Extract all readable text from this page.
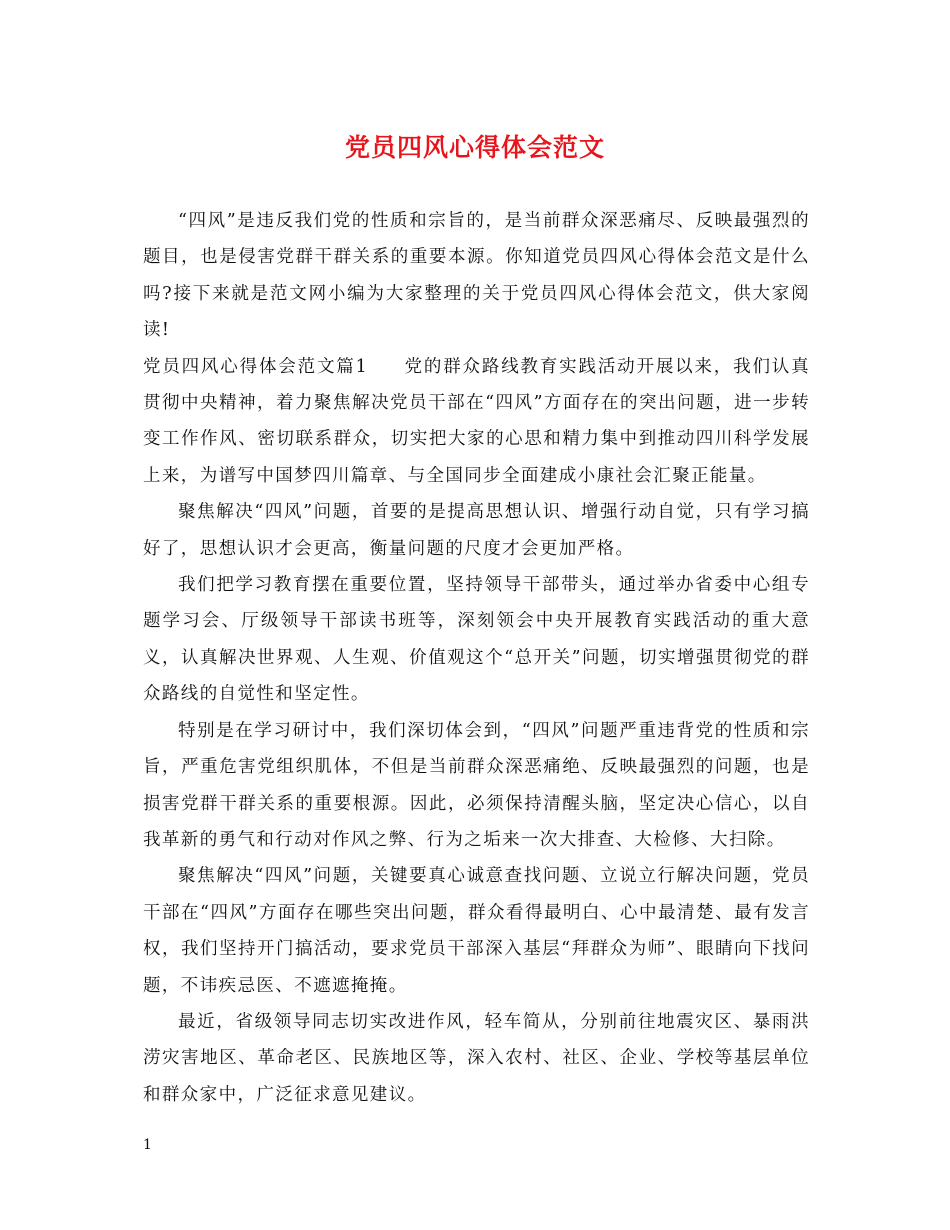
党员四风心得体会范文

“四风”是违反我们党的性质和宗旨的，是当前群众深恶痛尽、反映最强烈的题目，也是侵害党群干群关系的重要本源。你知道党员四风心得体会范文是什么吗?接下来就是范文网小编为大家整理的关于党员四风心得体会范文，供大家阅读!

党员四风心得体会范文篇1 党的群众路线教育实践活动开展以来，我们认真贯彻中央精神，着力聚焦解决党员干部在“四风”方面存在的突出问题，进一步转变工作作风、密切联系群众，切实把大家的心思和精力集中到推动四川科学发展上来，为谱写中国梦四川篇章、与全国同步全面建成小康社会汇聚正能量。

聚焦解决“四风”问题，首要的是提高思想认识、增强行动自觉，只有学习搞好了，思想认识才会更高，衡量问题的尺度才会更加严格。

我们把学习教育摆在重要位置，坚持领导干部带头，通过举办省委中心组专题学习会、厅级领导干部读书班等，深刻领会中央开展教育实践活动的重大意义，认真解决世界观、人生观、价值观这个“总开关”问题，切实增强贯彻党的群众路线的自觉性和坚定性。

特别是在学习研讨中，我们深切体会到，“四风”问题严重违背党的性质和宗旨，严重危害党组织肌体，不但是当前群众深恶痛绝、反映最强烈的问题，也是损害党群干群关系的重要根源。因此，必须保持清醒头脑，坚定决心信心，以自我革新的勇气和行动对作风之弊、行为之垢来一次大排查、大检修、大扫除。

聚焦解决“四风”问题，关键要真心诚意查找问题、立说立行解决问题，党员干部在“四风”方面存在哪些突出问题，群众看得最明白、心中最清楚、最有发言权，我们坚持开门搞活动，要求党员干部深入基层“拜群众为师”、眼睛向下找问题，不讳疾忌医、不遮遮掩掩。

最近，省级领导同志切实改进作风，轻车简从，分别前往地震灾区、暴雨洪涝灾害地区、革命老区、民族地区等，深入农村、社区、企业、学校等基层单位和群众家中，广泛征求意见建议。

1
